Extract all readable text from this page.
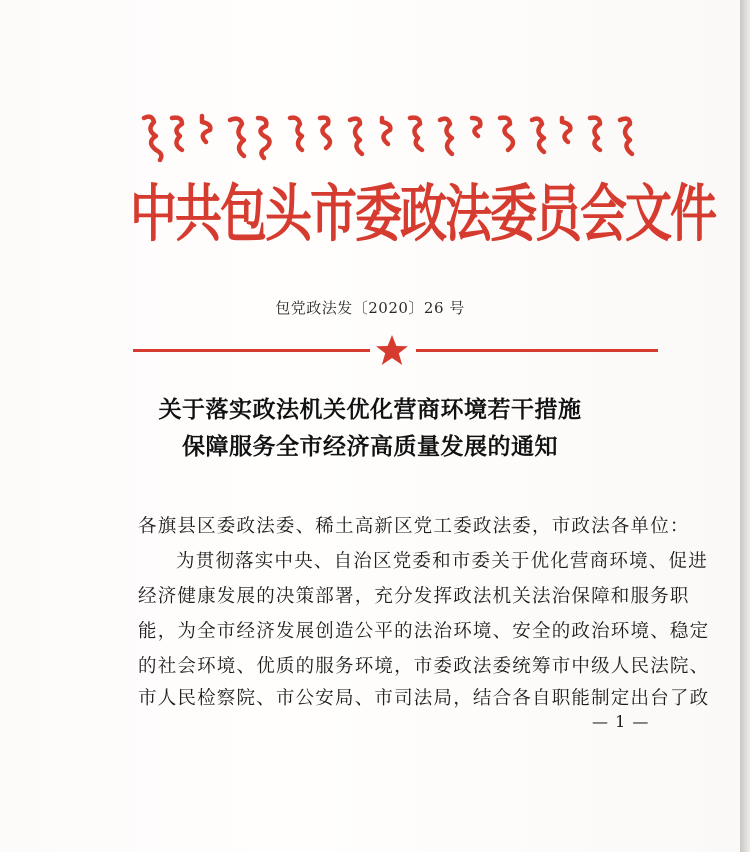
中共包头市委政法委员会文件
包党政法发〔2020〕26 号
关于落实政法机关优化营商环境若干措施
保障服务全市经济高质量发展的通知
各旗县区委政法委、稀土高新区党工委政法委，市政法各单位：
为贯彻落实中央、自治区党委和市委关于优化营商环境、促进
经济健康发展的决策部署，充分发挥政法机关法治保障和服务职
能，为全市经济发展创造公平的法治环境、安全的政治环境、稳定
的社会环境、优质的服务环境，市委政法委统筹市中级人民法院、
市人民检察院、市公安局、市司法局，结合各自职能制定出台了政
— 1 —
